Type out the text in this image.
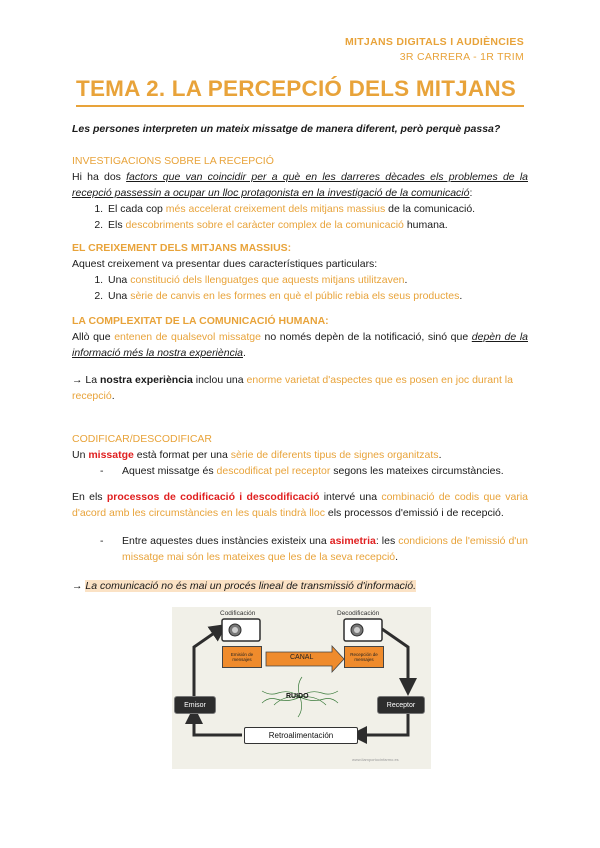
MITJANS DIGITALS I AUDIÈNCIES
3R CARRERA - 1R TRIM
TEMA 2. LA PERCEPCIÓ DELS MITJANS
Les persones interpreten un mateix missatge de manera diferent, però perquè passa?
INVESTIGACIONS SOBRE LA RECEPCIÓ
Hi ha dos factors que van coincidir per a què en les darreres dècades els problemes de la recepció passessin a ocupar un lloc protagonista en la investigació de la comunicació:
1. El cada cop més accelerat creixement dels mitjans massius de la comunicació.
2. Els descobriments sobre el caràcter complex de la comunicació humana.
EL CREIXEMENT DELS MITJANS MASSIUS:
Aquest creixement va presentar dues característiques particulars:
1. Una constitució dels llenguatges que aquests mitjans utilitzaven.
2. Una sèrie de canvis en les formes en què el públic rebia els seus productes.
LA COMPLEXITAT DE LA COMUNICACIÓ HUMANA:
Allò que entenen de qualsevol missatge no només depèn de la notificació, sinó que depèn de la informació més la nostra experiència.
→ La nostra experiència inclou una enorme varietat d'aspectes que es posen en joc durant la recepció.
CODIFICAR/DESCODIFICAR
Un missatge està format per una sèrie de diferents tipus de signes organitzats.
- Aquest missatge és descodificat pel receptor segons les mateixes circumstàncies.
En els processos de codificació i descodificació intervé una combinació de codis que varia d'acord amb les circumstàncies en les quals tindrà lloc els processos d'emissió i de recepció.
- Entre aquestes dues instàncies existeix una asimetria: les condicions de l'emissió d'un missatge mai són les mateixes que les de la seva recepció.
→ La comunicació no és mai un procés lineal de transmissió d'informació.
Codificación	Decodificación
Emisión de mensajes
Recepción de mensajes
CANAL
RUIDO
Emisor	Receptor
Retroalimentación
www.ilamportocinfarmo.es
